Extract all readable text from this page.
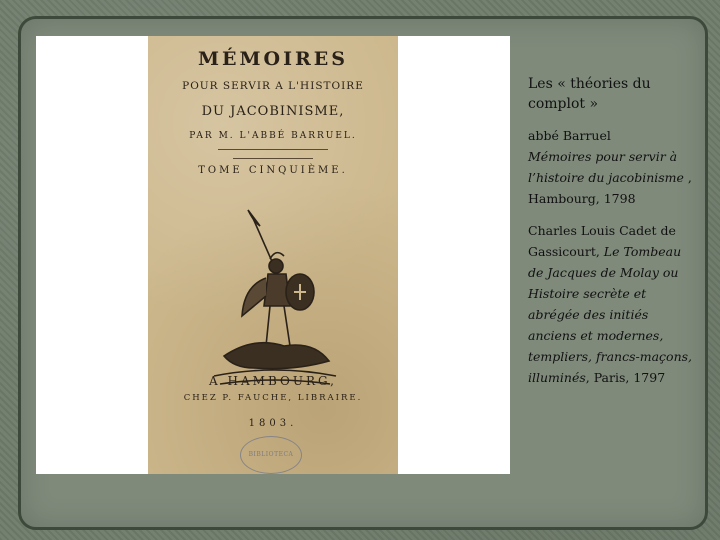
MÉMOIRES
POUR SERVIR A L'HISTOIRE
DU JACOBINISME,
PAR M. L'ABBÉ BARRUEL.
TOME CINQUIÈME.
A HAMBOURG,
CHEZ P. FAUCHE, LIBRAIRE.
1803.
BIBLIOTECA

Les « théories du complot »

abbé Barruel
Mémoires pour servir à l’histoire du jacobinisme , Hambourg, 1798

Charles Louis Cadet de Gassicourt, Le Tombeau de Jacques de Molay ou Histoire secrète et abrégée des initiés anciens et modernes, templiers, francs-maçons, illuminés, Paris, 1797
